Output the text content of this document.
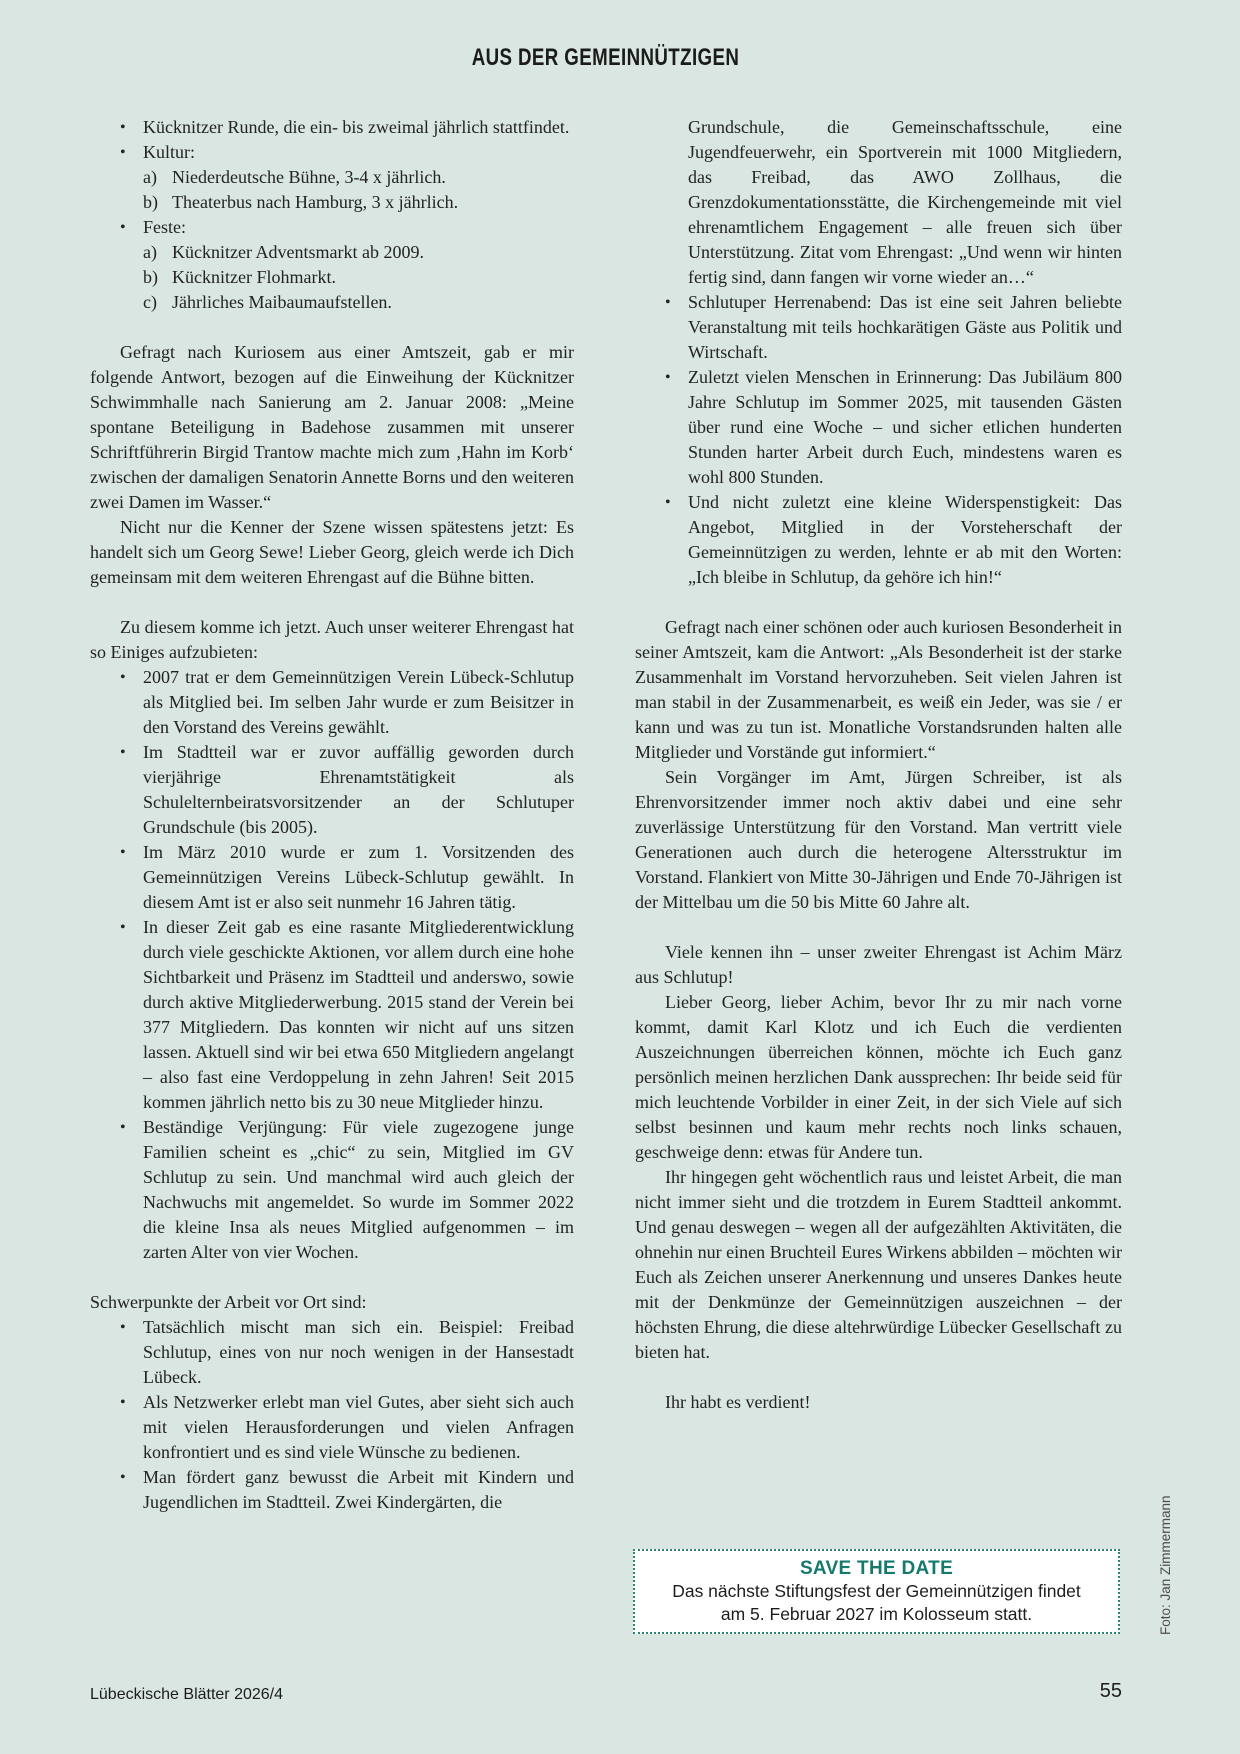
AUS DER GEMEINNÜTZIGEN
• Kücknitzer Runde, die ein- bis zweimal jährlich stattfindet.
• Kultur:
a) Niederdeutsche Bühne, 3-4 x jährlich.
b) Theaterbus nach Hamburg, 3 x jährlich.
• Feste:
a) Kücknitzer Adventsmarkt ab 2009.
b) Kücknitzer Flohmarkt.
c) Jährliches Maibaumaufstellen.

Gefragt nach Kuriosem aus einer Amtszeit, gab er mir folgende Antwort, bezogen auf die Einweihung der Kücknitzer Schwimmhalle nach Sanierung am 2. Januar 2008: „Meine spontane Beteiligung in Badehose zusammen mit unserer Schriftführerin Birgid Trantow machte mich zum ‚Hahn im Korb‘ zwischen der damaligen Senatorin Annette Borns und den weiteren zwei Damen im Wasser.“

Nicht nur die Kenner der Szene wissen spätestens jetzt: Es handelt sich um Georg Sewe! Lieber Georg, gleich werde ich Dich gemeinsam mit dem weiteren Ehrengast auf die Bühne bitten.

Zu diesem komme ich jetzt. Auch unser weiterer Ehrengast hat so Einiges aufzubieten:

• 2007 trat er dem Gemeinnützigen Verein Lübeck-Schlutup als Mitglied bei. Im selben Jahr wurde er zum Beisitzer in den Vorstand des Vereins gewählt.
• Im Stadtteil war er zuvor auffällig geworden durch vierjährige Ehrenamtstätigkeit als Schulelternbeiratsvorsitzender an der Schlutuper Grundschule (bis 2005).
• Im März 2010 wurde er zum 1. Vorsitzenden des Gemeinnützigen Vereins Lübeck-Schlutup gewählt. In diesem Amt ist er also seit nunmehr 16 Jahren tätig.
• In dieser Zeit gab es eine rasante Mitgliederentwicklung durch viele geschickte Aktionen, vor allem durch eine hohe Sichtbarkeit und Präsenz im Stadtteil und anderswo, sowie durch aktive Mitgliederwerbung. 2015 stand der Verein bei 377 Mitgliedern. Das konnten wir nicht auf uns sitzen lassen. Aktuell sind wir bei etwa 650 Mitgliedern angelangt – also fast eine Verdoppelung in zehn Jahren! Seit 2015 kommen jährlich netto bis zu 30 neue Mitglieder hinzu.
• Beständige Verjüngung: Für viele zugezogene junge Familien scheint es „chic“ zu sein, Mitglied im GV Schlutup zu sein. Und manchmal wird auch gleich der Nachwuchs mit angemeldet. So wurde im Sommer 2022 die kleine Insa als neues Mitglied aufgenommen – im zarten Alter von vier Wochen.

Schwerpunkte der Arbeit vor Ort sind:

• Tatsächlich mischt man sich ein. Beispiel: Freibad Schlutup, eines von nur noch wenigen in der Hansestadt Lübeck.
• Als Netzwerker erlebt man viel Gutes, aber sieht sich auch mit vielen Herausforderungen und vielen Anfragen konfrontiert und es sind viele Wünsche zu bedienen.
• Man fördert ganz bewusst die Arbeit mit Kindern und Jugendlichen im Stadtteil. Zwei Kindergärten, die

Grundschule, die Gemeinschaftsschule, eine Jugendfeuerwehr, ein Sportverein mit 1000 Mitgliedern, das Freibad, das AWO Zollhaus, die Grenzdokumentationsstätte, die Kirchengemeinde mit viel ehrenamtlichem Engagement – alle freuen sich über Unterstützung. Zitat vom Ehrengast: „Und wenn wir hinten fertig sind, dann fangen wir vorne wieder an…“

• Schlutuper Herrenabend: Das ist eine seit Jahren beliebte Veranstaltung mit teils hochkarätigen Gäste aus Politik und Wirtschaft.
• Zuletzt vielen Menschen in Erinnerung: Das Jubiläum 800 Jahre Schlutup im Sommer 2025, mit tausenden Gästen über rund eine Woche – und sicher etlichen hunderten Stunden harter Arbeit durch Euch, mindestens waren es wohl 800 Stunden.
• Und nicht zuletzt eine kleine Widerspenstigkeit: Das Angebot, Mitglied in der Vorsteherschaft der Gemeinnützigen zu werden, lehnte er ab mit den Worten: „Ich bleibe in Schlutup, da gehöre ich hin!“

Gefragt nach einer schönen oder auch kuriosen Besonderheit in seiner Amtszeit, kam die Antwort: „Als Besonderheit ist der starke Zusammenhalt im Vorstand hervorzuheben. Seit vielen Jahren ist man stabil in der Zusammenarbeit, es weiß ein Jeder, was sie / er kann und was zu tun ist. Monatliche Vorstandsrunden halten alle Mitglieder und Vorstände gut informiert.“

Sein Vorgänger im Amt, Jürgen Schreiber, ist als Ehrenvorsitzender immer noch aktiv dabei und eine sehr zuverlässige Unterstützung für den Vorstand. Man vertritt viele Generationen auch durch die heterogene Altersstruktur im Vorstand. Flankiert von Mitte 30-Jährigen und Ende 70-Jährigen ist der Mittelbau um die 50 bis Mitte 60 Jahre alt.

Viele kennen ihn – unser zweiter Ehrengast ist Achim März aus Schlutup!

Lieber Georg, lieber Achim, bevor Ihr zu mir nach vorne kommt, damit Karl Klotz und ich Euch die verdienten Auszeichnungen überreichen können, möchte ich Euch ganz persönlich meinen herzlichen Dank aussprechen: Ihr beide seid für mich leuchtende Vorbilder in einer Zeit, in der sich Viele auf sich selbst besinnen und kaum mehr rechts noch links schauen, geschweige denn: etwas für Andere tun.

Ihr hingegen geht wöchentlich raus und leistet Arbeit, die man nicht immer sieht und die trotzdem in Eurem Stadtteil ankommt. Und genau deswegen – wegen all der aufgezählten Aktivitäten, die ohnehin nur einen Bruchteil Eures Wirkens abbilden – möchten wir Euch als Zeichen unserer Anerkennung und unseres Dankes heute mit der Denkmünze der Gemeinnützigen auszeichnen – der höchsten Ehrung, die diese altehrwürdige Lübecker Gesellschaft zu bieten hat.

Ihr habt es verdient!

SAVE THE DATE
Das nächste Stiftungsfest der Gemeinnützigen findet
am 5. Februar 2027 im Kolosseum statt.
Lübeckische Blätter 2026/4	55
Foto: Jan Zimmermann
